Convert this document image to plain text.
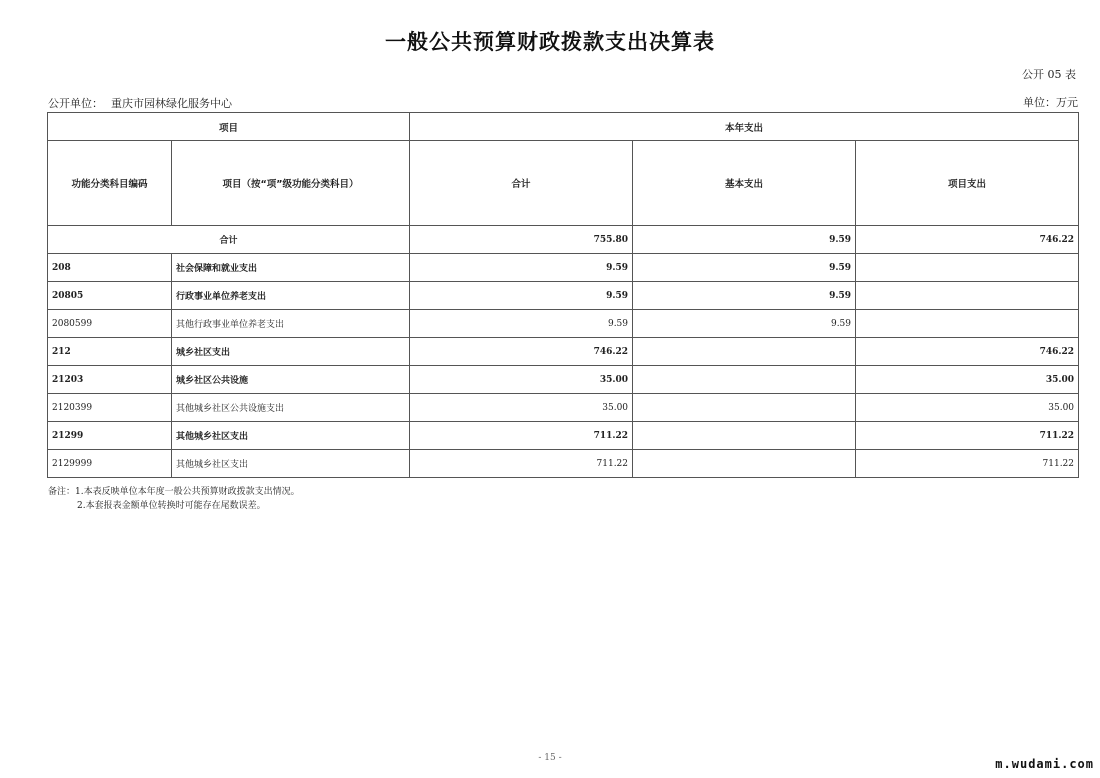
一般公共预算财政拨款支出决算表
公开 05 表
公开单位： 重庆市园林绿化服务中心	单位：万元
项目		本年支出		
功能分类科目编码	项目（按“项”级功能分类科目）	合计	基本支出	项目支出
合计		755.80	9.59	746.22
208	社会保障和就业支出	9.59	9.59	
20805	行政事业单位养老支出	9.59	9.59	
2080599	其他行政事业单位养老支出	9.59	9.59	
212	城乡社区支出	746.22		746.22
21203	城乡社区公共设施	35.00		35.00
2120399	其他城乡社区公共设施支出	35.00		35.00
21299	其他城乡社区支出	711.22		711.22
2129999	其他城乡社区支出	711.22		711.22
备注：1.本表反映单位本年度一般公共预算财政拨款支出情况。
2.本套报表金额单位转换时可能存在尾数误差。
- 15 -	m.wudami.com
